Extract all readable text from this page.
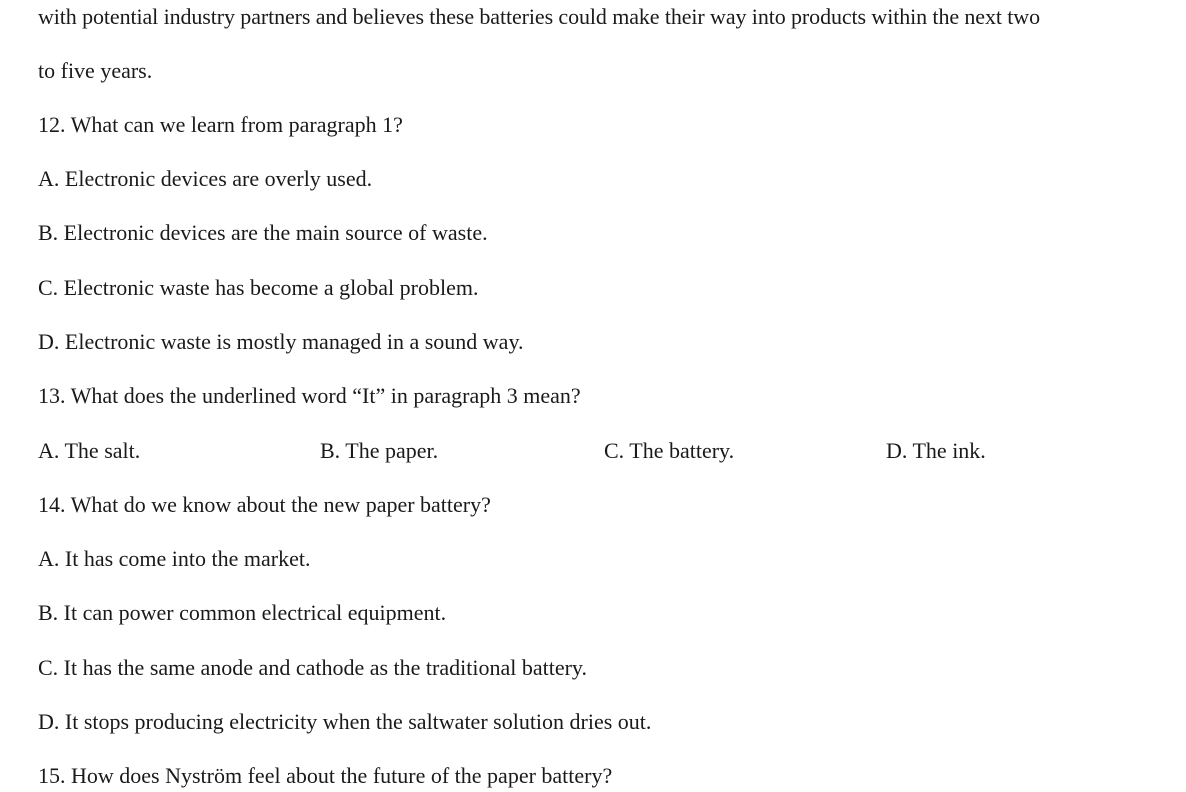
with potential industry partners and believes these batteries could make their way into products within the next two
to five years.
12. What can we learn from paragraph 1?
A. Electronic devices are overly used.
B. Electronic devices are the main source of waste.
C. Electronic waste has become a global problem.
D. Electronic waste is mostly managed in a sound way.
13. What does the underlined word “It” in paragraph 3 mean?
A. The salt.	B. The paper.	C. The battery.	D. The ink.
14. What do we know about the new paper battery?
A. It has come into the market.
B. It can power common electrical equipment.
C. It has the same anode and cathode as the traditional battery.
D. It stops producing electricity when the saltwater solution dries out.
15. How does Nyström feel about the future of the paper battery?
